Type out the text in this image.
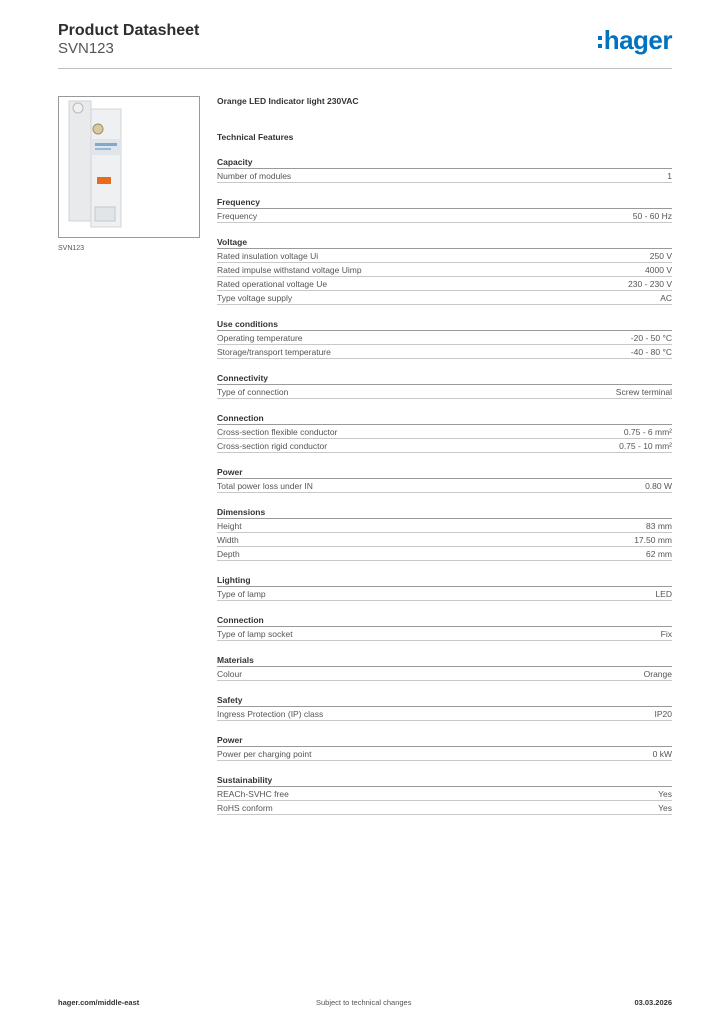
Product Datasheet
SVN123	hager
SVN123
Orange LED Indicator light 230VAC
Technical Features
Capacity
Number of modules	1
Frequency
Frequency	50 - 60 Hz
Voltage
Rated insulation voltage Ui	250 V
Rated impulse withstand voltage Uimp	4000 V
Rated operational voltage Ue	230 - 230 V
Type voltage supply	AC
Use conditions
Operating temperature	-20 - 50 °C
Storage/transport temperature	-40 - 80 °C
Connectivity
Type of connection	Screw terminal
Connection
Cross-section flexible conductor	0.75 - 6 mm²
Cross-section rigid conductor	0.75 - 10 mm²
Power
Total power loss under IN	0.80 W
Dimensions
Height	83 mm
Width	17.50 mm
Depth	62 mm
Lighting
Type of lamp	LED
Connection
Type of lamp socket	Fix
Materials
Colour	Orange
Safety
Ingress Protection (IP) class	IP20
Power
Power per charging point	0 kW
Sustainability
REACh-SVHC free	Yes
RoHS conform	Yes
hager.com/middle-east	Subject to technical changes	03.03.2026
